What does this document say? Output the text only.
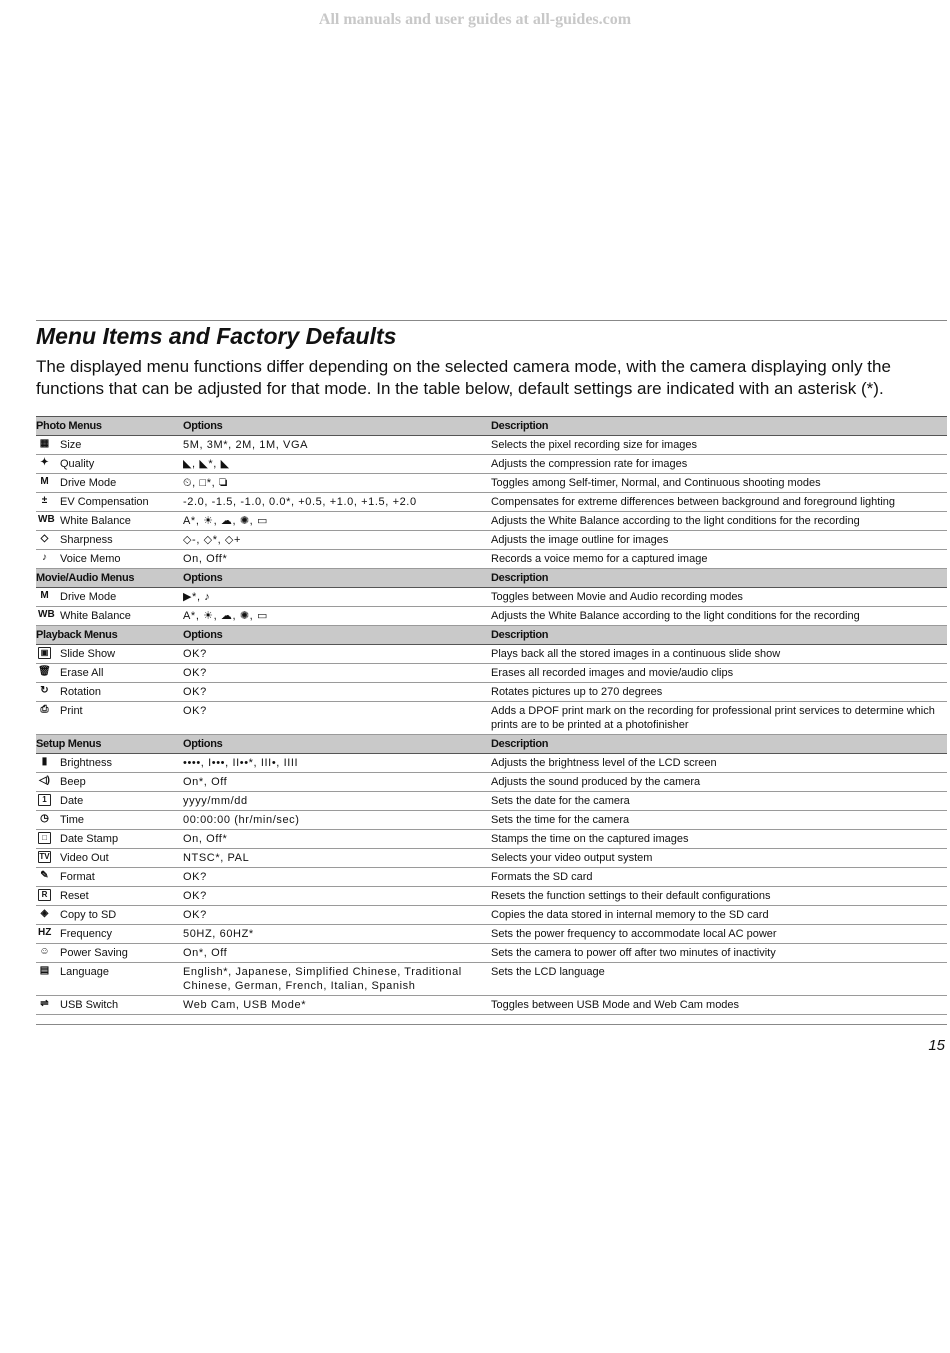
All manuals and user guides at all-guides.com
Menu Items and Factory Defaults

The displayed menu functions differ depending on the selected camera mode, with the camera displaying only the functions that can be adjusted for that mode. In the table below, default settings are indicated with an asterisk (*).

Photo Menus	Options	Description

▦ Size	5M, 3M*, 2M, 1M, VGA	Selects the pixel recording size for images

✦ Quality	◣, ◣*, ◣	Adjusts the compression rate for images

M Drive Mode	⏲, □*, ❏	Toggles among Self-timer, Normal, and Continuous shooting modes

± EV Compensation	-2.0, -1.5, -1.0, 0.0*, +0.5, +1.0, +1.5, +2.0	Compensates for extreme differences between background and foreground lighting

WB White Balance	A*, ☀, ☁, ✺, ▭	Adjusts the White Balance according to the light conditions for the recording

◇ Sharpness	◇-, ◇*, ◇+	Adjusts the image outline for images

♪ Voice Memo	On, Off*	Records a voice memo for a captured image
Movie/Audio Menus	Options	Description

M Drive Mode	▶*, ♪	Toggles between Movie and Audio recording modes

WB White Balance	A*, ☀, ☁, ✺, ▭	Adjusts the White Balance according to the light conditions for the recording
Playback Menus	Options	Description

▣ Slide Show	OK?	Plays back all the stored images in a continuous slide show

🗑 Erase All	OK?	Erases all recorded images and movie/audio clips

↻ Rotation	OK?	Rotates pictures up to 270 degrees

⎙ Print	OK?	Adds a DPOF print mark on the recording for professional print services to determine which prints are to be printed at a photofinisher
Setup Menus	Options	Description

▮ Brightness	••••, I•••, II••*, III•, IIII	Adjusts the brightness level of the LCD screen

◁) Beep	On*, Off	Adjusts the sound produced by the camera

1 Date	yyyy/mm/dd	Sets the date for the camera

◷ Time	00:00:00 (hr/min/sec)	Sets the time for the camera

□ Date Stamp	On, Off*	Stamps the time on the captured images

TV Video Out	NTSC*, PAL	Selects your video output system

✎ Format	OK?	Formats the SD card

R Reset	OK?	Resets the function settings to their default configurations

◈ Copy to SD	OK?	Copies the data stored in internal memory to the SD card

HZ Frequency	50HZ, 60HZ*	Sets the power frequency to accommodate local AC power

☺ Power Saving	On*, Off	Sets the camera to power off after two minutes of inactivity

▤ Language	English*, Japanese, Simplified Chinese, Traditional Chinese, German, French, Italian, Spanish	Sets the LCD language

⇌ USB Switch	Web Cam, USB Mode*	Toggles between USB Mode and Web Cam modes
15
